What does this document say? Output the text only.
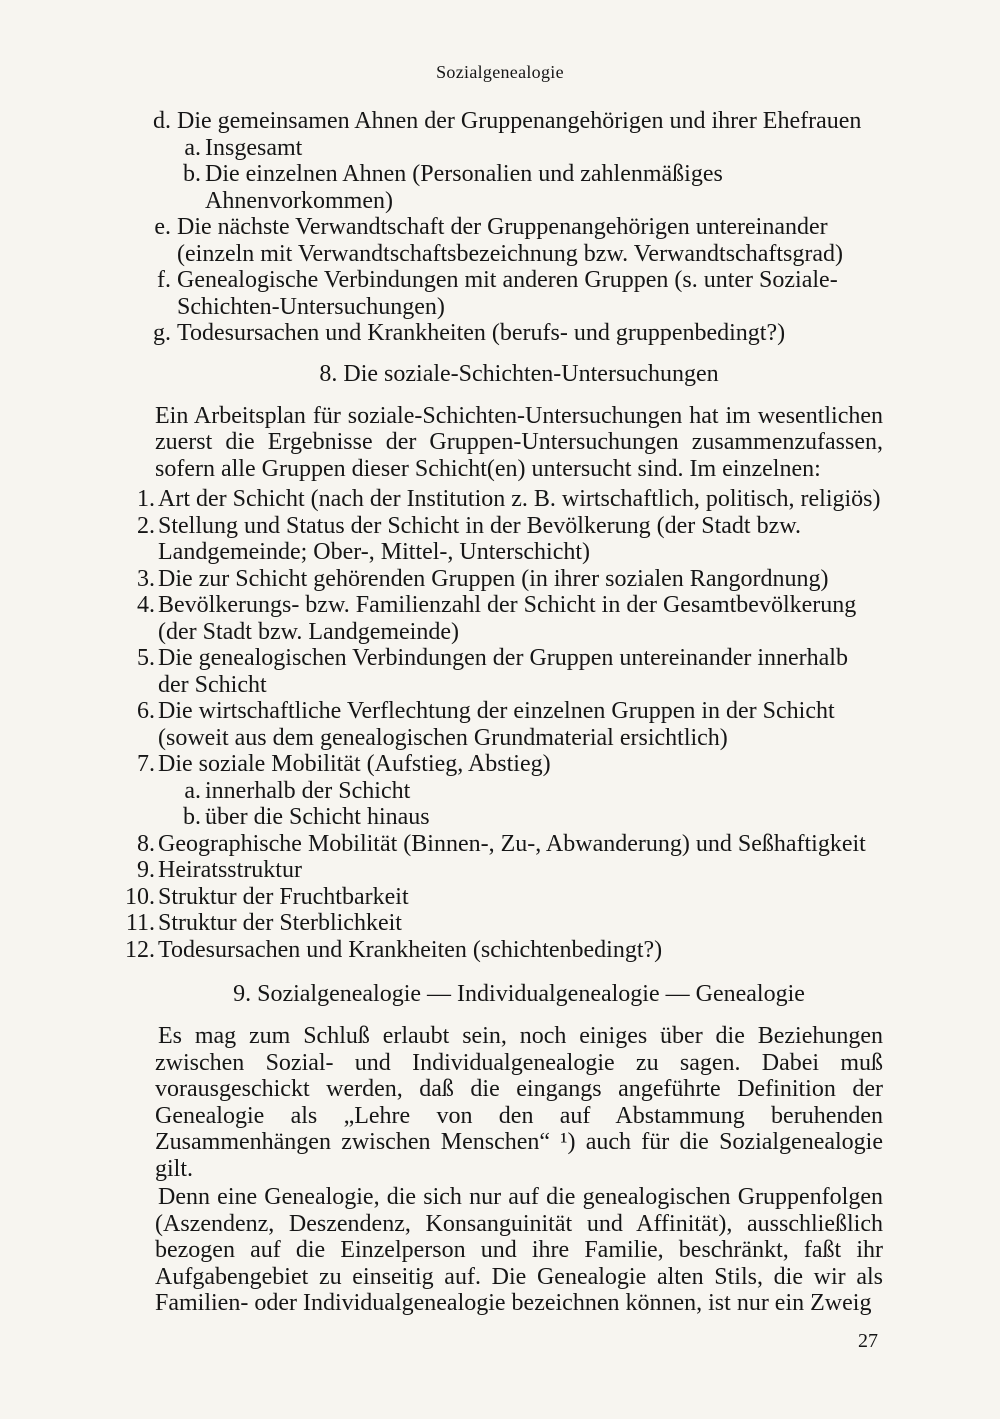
Sozialgenealogie
d. Die gemeinsamen Ahnen der Gruppenangehörigen und ihrer Ehefrauen
a. Insgesamt
b. Die einzelnen Ahnen (Personalien und zahlenmäßiges Ahnenvorkommen)
e. Die nächste Verwandtschaft der Gruppenangehörigen untereinander (einzeln mit Verwandtschaftsbezeichnung bzw. Verwandtschaftsgrad)
f. Genealogische Verbindungen mit anderen Gruppen (s. unter Soziale-Schichten-Untersuchungen)
g. Todesursachen und Krankheiten (berufs- und gruppenbedingt?)
8. Die soziale-Schichten-Untersuchungen

Ein Arbeitsplan für soziale-Schichten-Untersuchungen hat im wesentlichen zuerst die Ergebnisse der Gruppen-Untersuchungen zusammenzufassen, sofern alle Gruppen dieser Schicht(en) untersucht sind. Im einzelnen:

1. Art der Schicht (nach der Institution z. B. wirtschaftlich, politisch, religiös)
2. Stellung und Status der Schicht in der Bevölkerung (der Stadt bzw. Landgemeinde; Ober-, Mittel-, Unterschicht)
3. Die zur Schicht gehörenden Gruppen (in ihrer sozialen Rangordnung)
4. Bevölkerungs- bzw. Familienzahl der Schicht in der Gesamtbevölkerung (der Stadt bzw. Landgemeinde)
5. Die genealogischen Verbindungen der Gruppen untereinander innerhalb der Schicht
6. Die wirtschaftliche Verflechtung der einzelnen Gruppen in der Schicht (soweit aus dem genealogischen Grundmaterial ersichtlich)
7. Die soziale Mobilität (Aufstieg, Abstieg)
a. innerhalb der Schicht
b. über die Schicht hinaus
8. Geographische Mobilität (Binnen-, Zu-, Abwanderung) und Seßhaftigkeit
9. Heiratsstruktur
10. Struktur der Fruchtbarkeit
11. Struktur der Sterblichkeit
12. Todesursachen und Krankheiten (schichtenbedingt?)
9. Sozialgenealogie — Individualgenealogie — Genealogie

Es mag zum Schluß erlaubt sein, noch einiges über die Beziehungen zwischen Sozial- und Individualgenealogie zu sagen. Dabei muß vorausgeschickt werden, daß die eingangs angeführte Definition der Genealogie als „Lehre von den auf Abstammung beruhenden Zusammenhängen zwischen Menschen“ ¹) auch für die Sozialgenealogie gilt.

Denn eine Genealogie, die sich nur auf die genealogischen Gruppenfolgen (Aszendenz, Deszendenz, Konsanguinität und Affinität), ausschließlich bezogen auf die Einzelperson und ihre Familie, beschränkt, faßt ihr Aufgabengebiet zu einseitig auf. Die Genealogie alten Stils, die wir als Familien- oder Individualgenealogie bezeichnen können, ist nur ein Zweig

27
